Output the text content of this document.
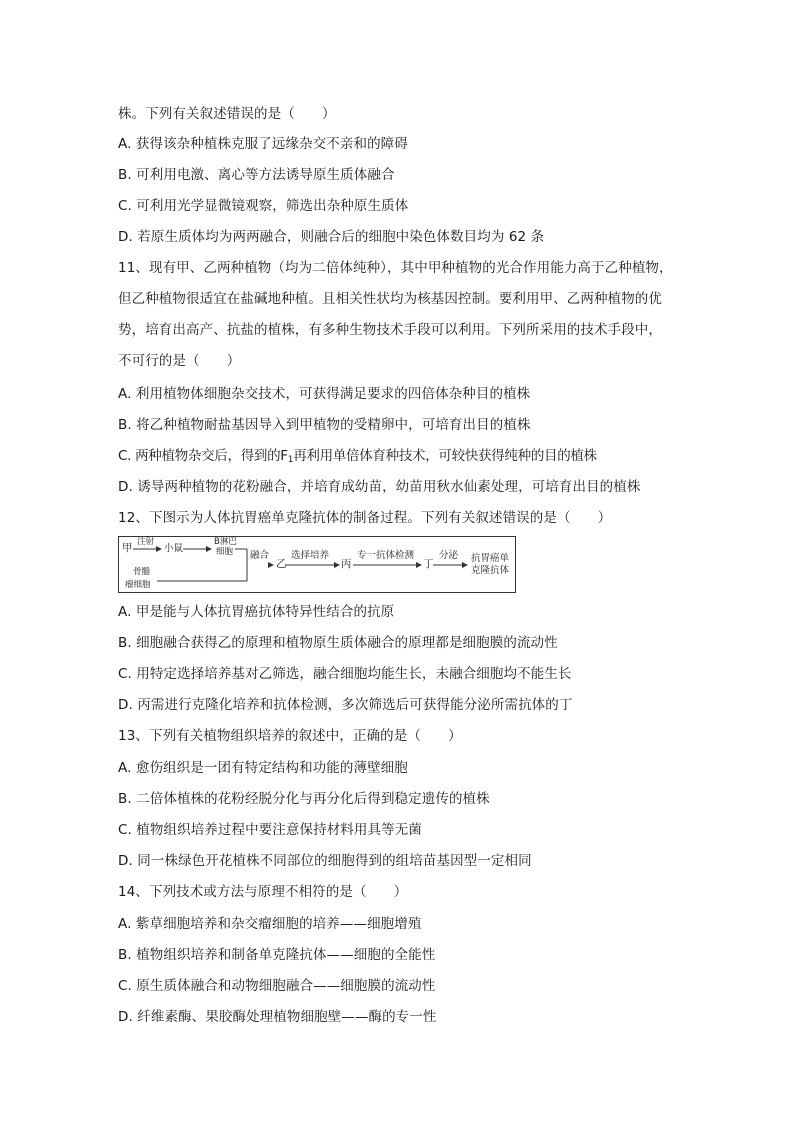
株。下列有关叙述错误的是（　　）
A. 获得该杂种植株克服了远缘杂交不亲和的障碍
B. 可利用电激、离心等方法诱导原生质体融合
C. 可利用光学显微镜观察，筛选出杂种原生质体
D. 若原生质体均为两两融合，则融合后的细胞中染色体数目均为 62 条
11、现有甲、乙两种植物（均为二倍体纯种），其中甲种植物的光合作用能力高于乙种植物，
但乙种植物很适宜在盐碱地种植。且相关性状均为核基因控制。要利用甲、乙两种植物的优
势，培育出高产、抗盐的植株，有多种生物技术手段可以利用。下列所采用的技术手段中，
不可行的是（　　）
A. 利用植物体细胞杂交技术，可获得满足要求的四倍体杂种目的植株
B. 将乙种植物耐盐基因导入到甲植物的受精卵中，可培育出目的植株
C. 两种植物杂交后，得到的$F_1$再利用单倍体育种技术，可较快获得纯种的目的植株
D. 诱导两种植物的花粉融合，并培育成幼苗，幼苗用秋水仙素处理，可培育出目的植株
12、下图示为人体抗胃癌单克隆抗体的制备过程。下列有关叙述错误的是（　　）
甲 注射
小鼠
B淋巴
细胞
骨髓
瘤细胞
融合
乙
选择培养
丙
专一抗体检测
丁
分泌 抗胃癌单
克隆抗体
A. 甲是能与人体抗胃癌抗体特异性结合的抗原
B. 细胞融合获得乙的原理和植物原生质体融合的原理都是细胞膜的流动性
C. 用特定选择培养基对乙筛选，融合细胞均能生长，未融合细胞均不能生长
D. 丙需进行克隆化培养和抗体检测，多次筛选后可获得能分泌所需抗体的丁
13、下列有关植物组织培养的叙述中，正确的是（　　）
A. 愈伤组织是一团有特定结构和功能的薄壁细胞
B. 二倍体植株的花粉经脱分化与再分化后得到稳定遗传的植株
C. 植物组织培养过程中要注意保持材料用具等无菌
D. 同一株绿色开花植株不同部位的细胞得到的组培苗基因型一定相同
14、下列技术或方法与原理不相符的是（　　）
A. 紫草细胞培养和杂交瘤细胞的培养——细胞增殖
B. 植物组织培养和制备单克隆抗体——细胞的全能性
C. 原生质体融合和动物细胞融合——细胞膜的流动性
D. 纤维素酶、果胶酶处理植物细胞壁——酶的专一性
